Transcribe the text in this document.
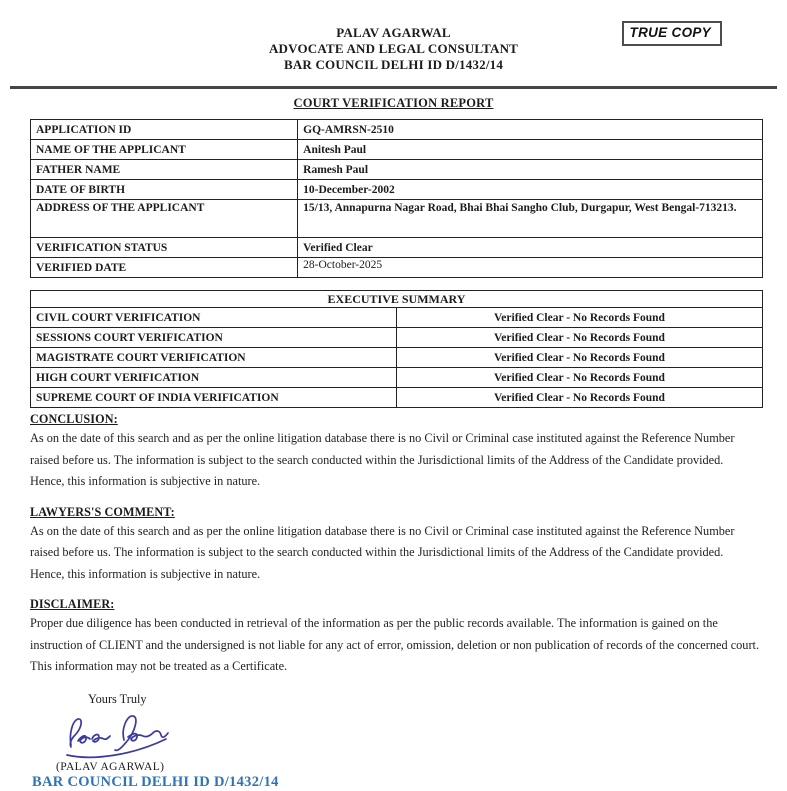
TRUE COPY
PALAV AGARWAL
ADVOCATE AND LEGAL CONSULTANT
BAR COUNCIL DELHI ID D/1432/14
COURT VERIFICATION REPORT
APPLICATION ID	GQ-AMRSN-2510
NAME OF THE APPLICANT	Anitesh Paul
FATHER NAME	Ramesh Paul
DATE OF BIRTH	10-December-2002
ADDRESS OF THE APPLICANT	15/13, Annapurna Nagar Road, Bhai Bhai Sangho Club, Durgapur, West Bengal-713213.
VERIFICATION STATUS	Verified Clear
VERIFIED DATE	28-October-2025
EXECUTIVE SUMMARY	
CIVIL COURT VERIFICATION	Verified Clear - No Records Found
SESSIONS COURT VERIFICATION	Verified Clear - No Records Found
MAGISTRATE COURT VERIFICATION	Verified Clear - No Records Found
HIGH COURT VERIFICATION	Verified Clear - No Records Found
SUPREME COURT OF INDIA VERIFICATION	Verified Clear - No Records Found
CONCLUSION:

As on the date of this search and as per the online litigation database there is no Civil or Criminal case instituted against the Reference Number raised before us. The information is subject to the search conducted within the Jurisdictional limits of the Address of the Candidate provided. Hence, this information is subjective in nature.

LAWYERS'S COMMENT:

As on the date of this search and as per the online litigation database there is no Civil or Criminal case instituted against the Reference Number raised before us. The information is subject to the search conducted within the Jurisdictional limits of the Address of the Candidate provided. Hence, this information is subjective in nature.

DISCLAIMER:

Proper due diligence has been conducted in retrieval of the information as per the public records available. The information is gained on the instruction of CLIENT and the undersigned is not liable for any act of error, omission, deletion or non publication of records of the concerned court. This information may not be treated as a Certificate.

Yours Truly
(PALAV AGARWAL)
BAR COUNCIL DELHI ID D/1432/14
